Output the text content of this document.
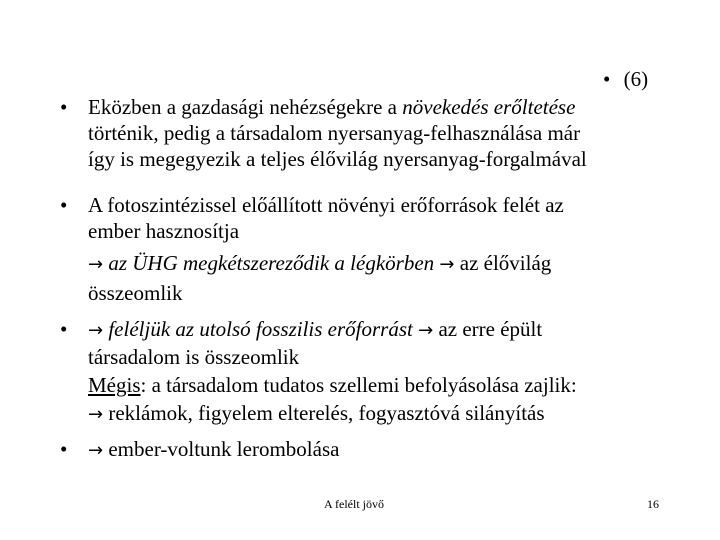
• (6)
• Eközben a gazdasági nehézségekre a növekedés erőltetése
történik, pedig a társadalom nyersanyag-felhasználása már
így is megegyezik a teljes élővilág nyersanyag-forgalmával
• A fotoszintézissel előállított növényi erőforrások felét az
ember hasznosítja
→ az ÜHG megkétszereződik a légkörben → az élővilág
összeomlik
• → feléljük az utolsó fosszilis erőforrást → az erre épült
társadalom is összeomlik
Mégis: a társadalom tudatos szellemi befolyásolása zajlik:
→ reklámok, figyelem elterelés, fogyasztóvá silányítás
• → ember-voltunk lerombolása
A felélt jövő	16
